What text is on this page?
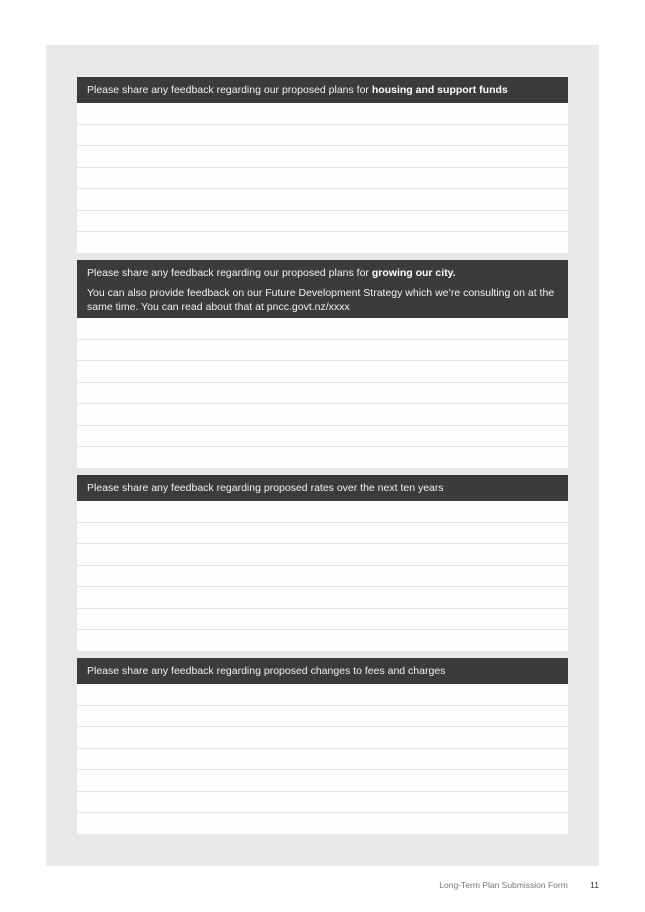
Please share any feedback regarding our proposed plans for housing and support funds

Please share any feedback regarding our proposed plans for growing our city.

You can also provide feedback on our Future Development Strategy which we’re consulting on at the same time. You can read about that at pncc.govt.nz/xxxx

Please share any feedback regarding proposed rates over the next ten years

Please share any feedback regarding proposed changes to fees and charges

Long-Term Plan Submission Form	11
